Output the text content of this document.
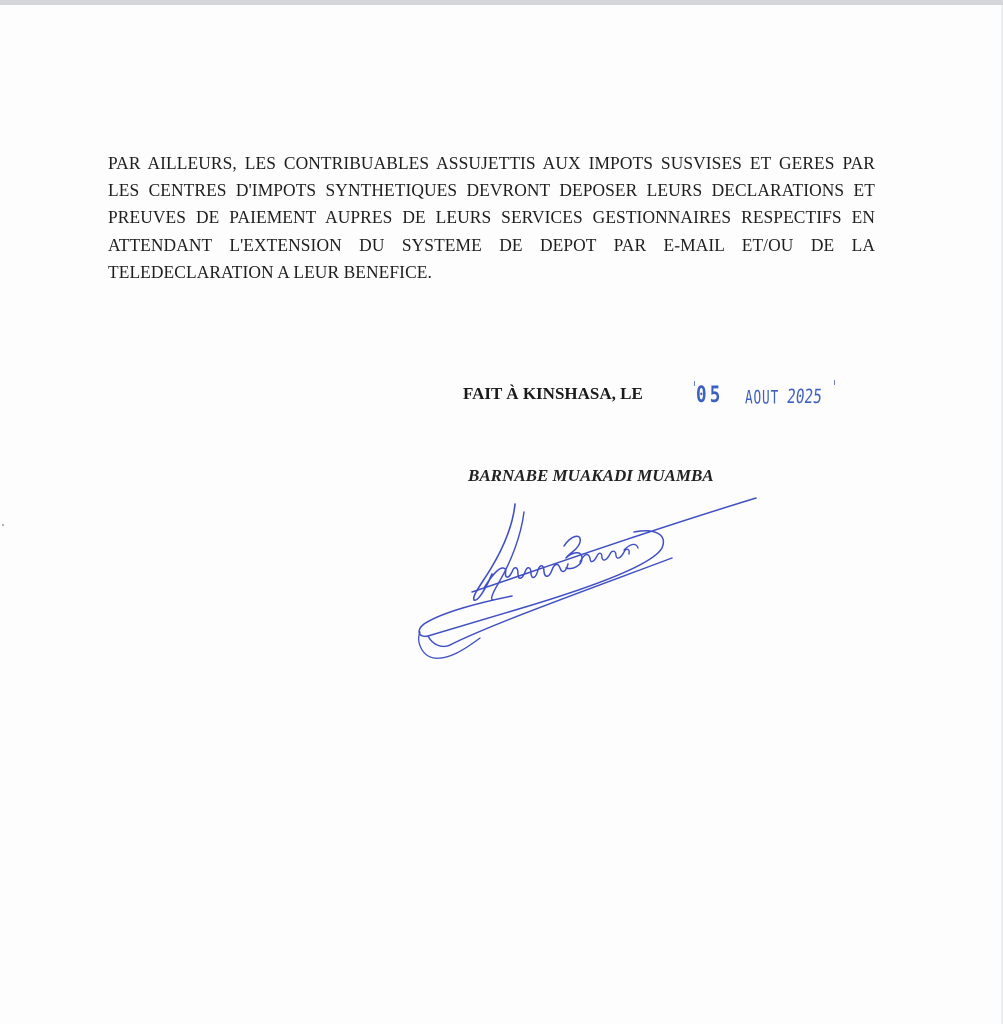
PAR AILLEURS, LES CONTRIBUABLES ASSUJETTIS AUX IMPOTS SUSVISES ET GERES PAR LES CENTRES D'IMPOTS SYNTHETIQUES DEVRONT DEPOSER LEURS DECLARATIONS ET PREUVES DE PAIEMENT AUPRES DE LEURS SERVICES GESTIONNAIRES RESPECTIFS EN ATTENDANT L'EXTENSION DU SYSTEME DE DEPOT PAR E-MAIL ET/OU DE LA TELEDECLARATION A LEUR BENEFICE.

FAIT À KINSHASA, LE 05 AOUT 2025
BARNABE MUAKADI MUAMBA
